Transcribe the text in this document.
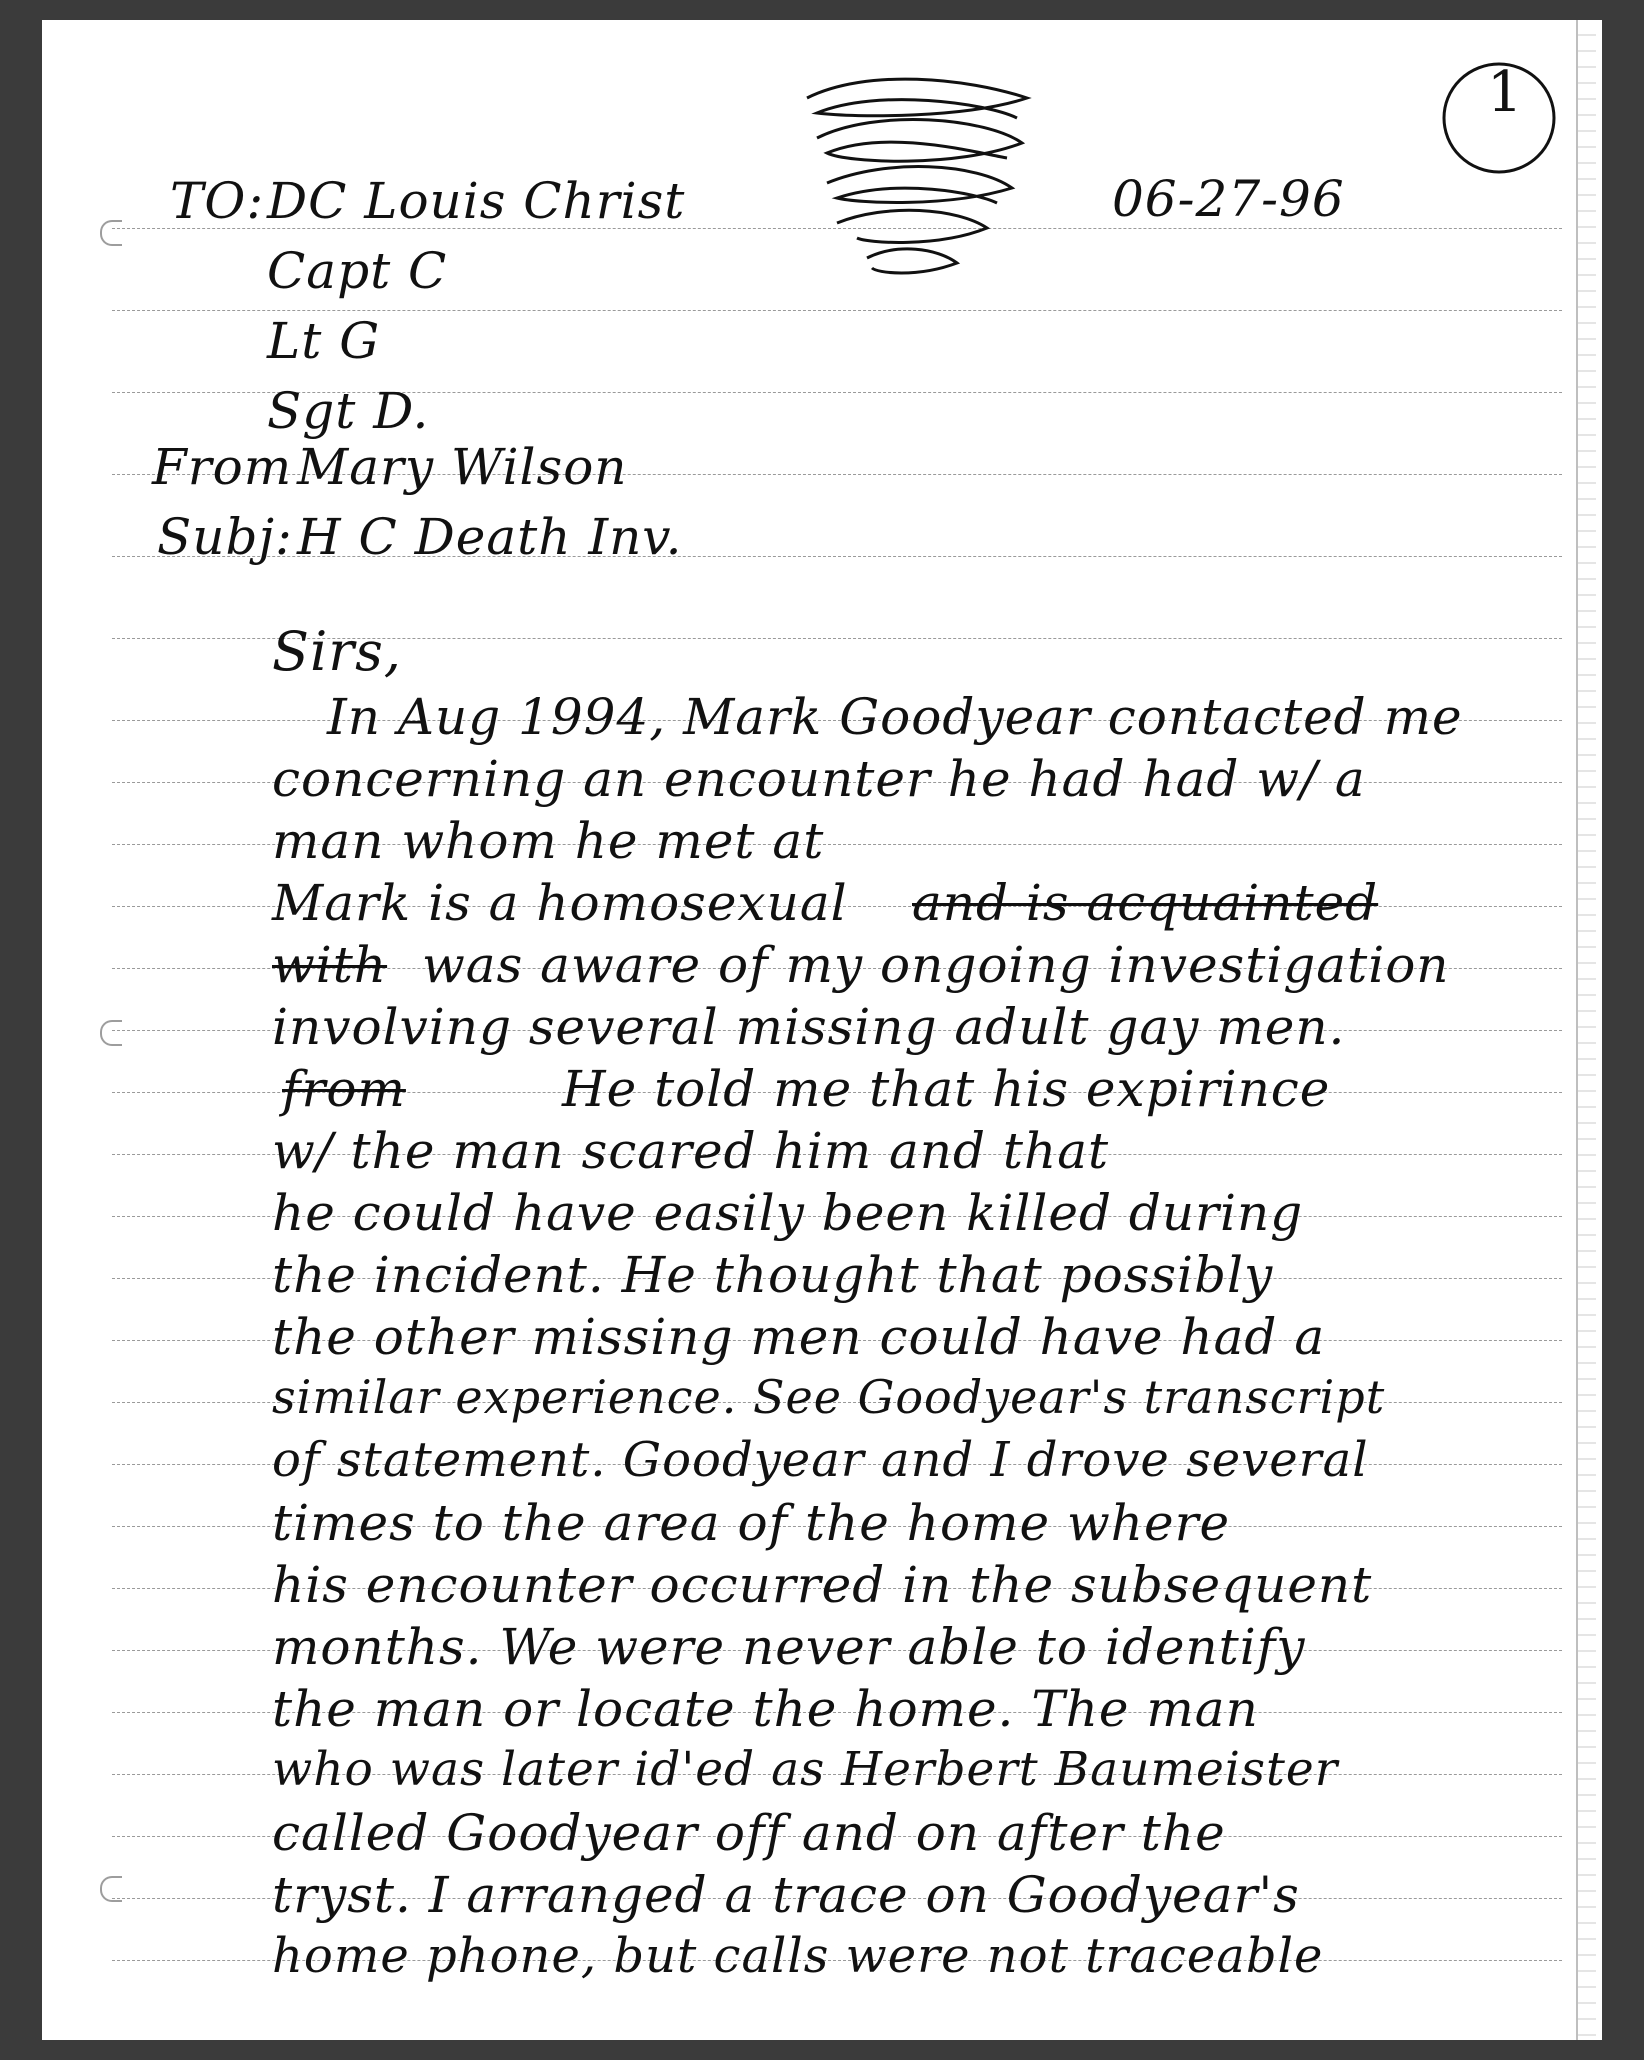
1
06-27-96
TO: DC Louis Christ
Capt C
Lt G
Sgt D.
From Mary Wilson
Subj: H C Death Inv.
Sirs,
In Aug 1994, Mark Goodyear contacted me
concerning an encounter he had had w/ a
man whom he met at
Mark is a homosexual and is acquainted
with was aware of my ongoing investigation
involving several missing adult gay men.
from	He told me that his expirince
w/ the man scared him and that
he could have easily been killed during
the incident. He thought that possibly
the other missing men could have had a
similar experience. See Goodyear's transcript
of statement. Goodyear and I drove several
times to the area of the home where
his encounter occurred in the subsequent
months. We were never able to identify
the man or locate the home. The man
who was later id'ed as Herbert Baumeister
called Goodyear off and on after the
tryst. I arranged a trace on Goodyear's
home phone, but calls were not traceable
